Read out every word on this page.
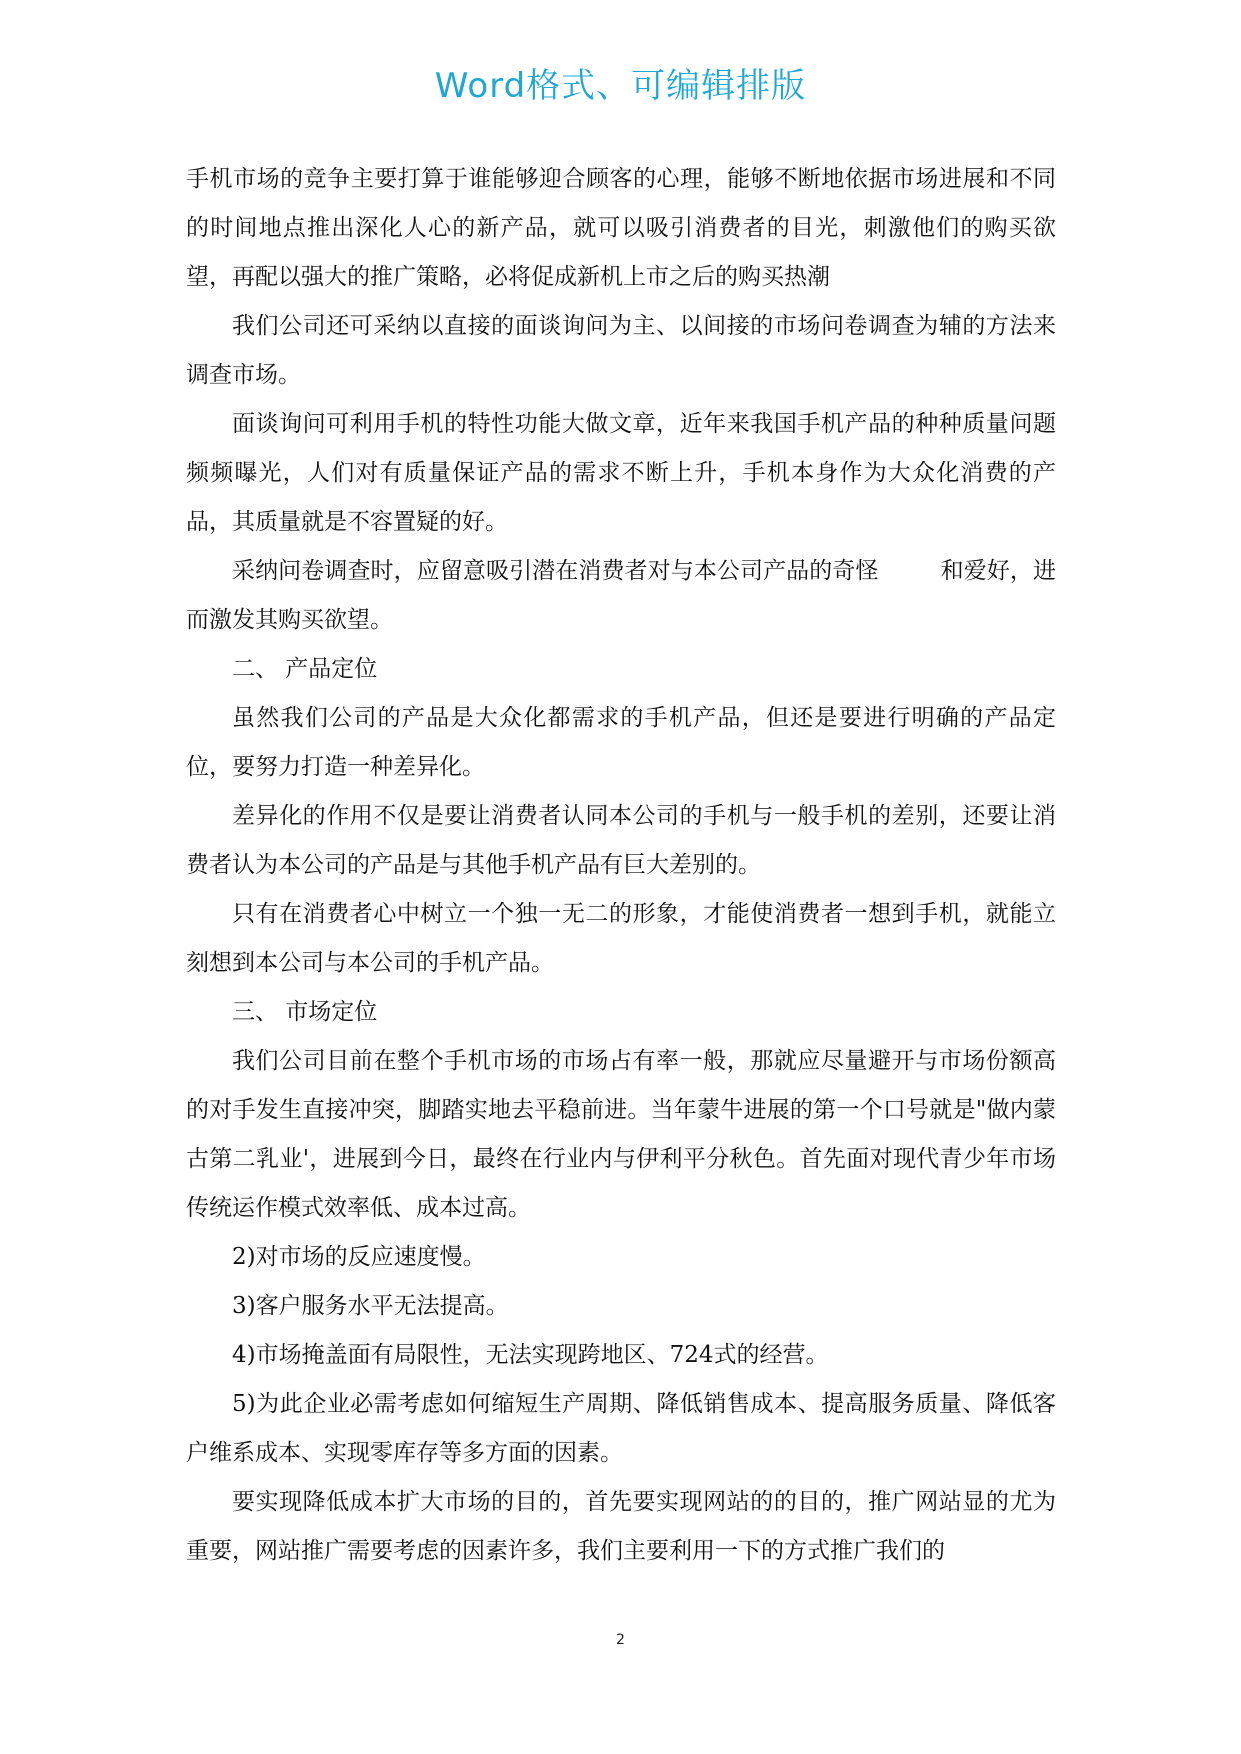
Word格式、可编辑排版

手机市场的竞争主要打算于谁能够迎合顾客的心理，能够不断地依据市场进展和不同的时间地点推出深化人心的新产品，就可以吸引消费者的目光，刺激他们的购买欲望，再配以强大的推广策略，必将促成新机上市之后的购买热潮

我们公司还可采纳以直接的面谈询问为主、以间接的市场问卷调查为辅的方法来调查市场。

面谈询问可利用手机的特性功能大做文章，近年来我国手机产品的种种质量问题频频曝光，人们对有质量保证产品的需求不断上升，手机本身作为大众化消费的产品，其质量就是不容置疑的好。

采纳问卷调查时，应留意吸引潜在消费者对与本公司产品的奇怪	和爱好，进而激发其购买欲望。

二、 产品定位

虽然我们公司的产品是大众化都需求的手机产品，但还是要进行明确的产品定位，要努力打造一种差异化。

差异化的作用不仅是要让消费者认同本公司的手机与一般手机的差别，还要让消费者认为本公司的产品是与其他手机产品有巨大差别的。

只有在消费者心中树立一个独一无二的形象，才能使消费者一想到手机，就能立刻想到本公司与本公司的手机产品。

三、 市场定位

我们公司目前在整个手机市场的市场占有率一般，那就应尽量避开与市场份额高的对手发生直接冲突，脚踏实地去平稳前进。当年蒙牛进展的第一个口号就是"做内蒙古第二乳业'，进展到今日，最终在行业内与伊利平分秋色。首先面对现代青少年市场传统运作模式效率低、成本过高。

2)对市场的反应速度慢。

3)客户服务水平无法提高。

4)市场掩盖面有局限性，无法实现跨地区、724式的经营。

5)为此企业必需考虑如何缩短生产周期、降低销售成本、提高服务质量、降低客户维系成本、实现零库存等多方面的因素。

要实现降低成本扩大市场的目的，首先要实现网站的的目的，推广网站显的尤为重要，网站推广需要考虑的因素许多，我们主要利用一下的方式推广我们的

2
